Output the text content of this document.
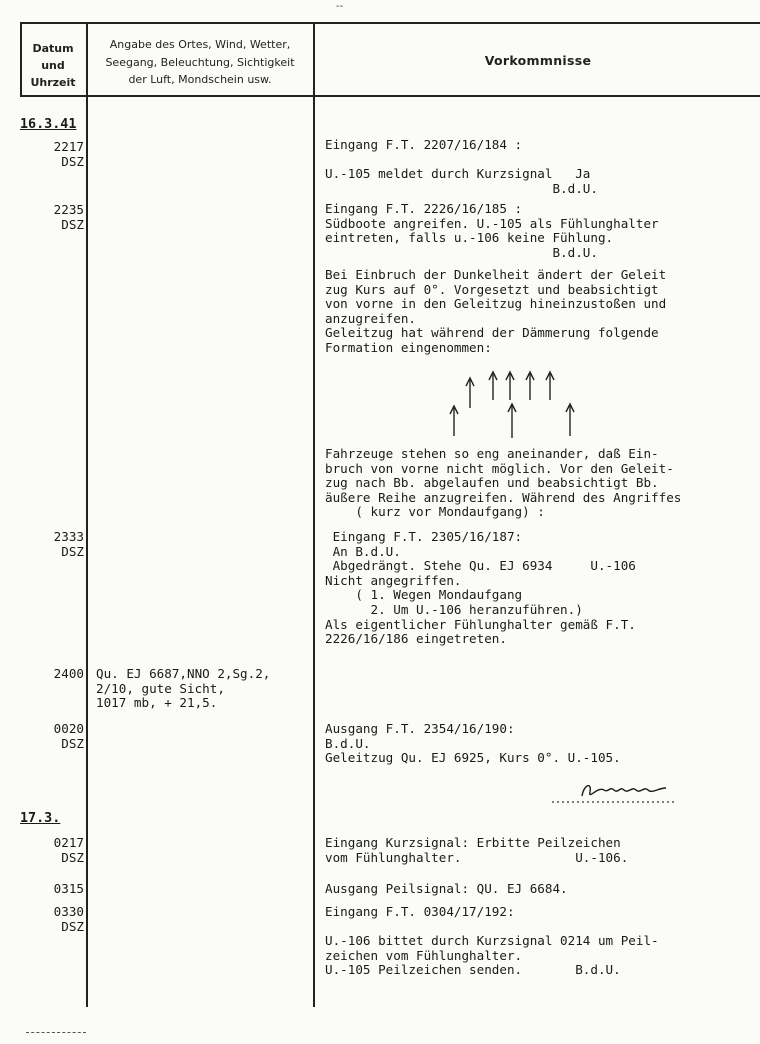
--
Datum
und
Uhrzeit
Angabe des Ortes, Wind, Wetter,
Seegang, Beleuchtung, Sichtigkeit
der Luft, Mondschein usw.
Vorkommnisse
16.3.41
17.3.
2217
DSZ
2235
DSZ
2333
DSZ
2400
0020
DSZ
0217
DSZ
0315
0330
DSZ
Qu. EJ 6687,NNO 2,Sg.2,
2/10, gute Sicht,
1017 mb, + 21,5.
Eingang F.T. 2207/16/184 :

U.-105 meldet durch Kurzsignal   Ja
B.d.U.
Eingang F.T. 2226/16/185 :
Südboote angreifen. U.-105 als Fühlunghalter
eintreten, falls u.-106 keine Fühlung.
B.d.U.
Bei Einbruch der Dunkelheit ändert der Geleit
zug Kurs auf 0°. Vorgesetzt und beabsichtigt
von vorne in den Geleitzug hineinzustoßen und
anzugreifen.
Geleitzug hat während der Dämmerung folgende
Formation eingenommen:
Fahrzeuge stehen so eng aneinander, daß Ein-
bruch von vorne nicht möglich. Vor den Geleit-
zug nach Bb. abgelaufen und beabsichtigt Bb.
äußere Reihe anzugreifen. Während des Angriffes
( kurz vor Mondaufgang) :
Eingang F.T. 2305/16/187:
An B.d.U.
Abgedrängt. Stehe Qu. EJ 6934     U.-106
Nicht angegriffen.
( 1. Wegen Mondaufgang
2. Um U.-106 heranzuführen.)
Als eigentlicher Fühlunghalter gemäß F.T.
2226/16/186 eingetreten.
Ausgang F.T. 2354/16/190:
B.d.U.
Geleitzug Qu. EJ 6925, Kurs 0°. U.-105.
Eingang Kurzsignal: Erbitte Peilzeichen
vom Fühlunghalter.               U.-106.
Ausgang Peilsignal: QU. EJ 6684.
Eingang F.T. 0304/17/192:

U.-106 bittet durch Kurzsignal 0214 um Peil-
zeichen vom Fühlunghalter.
U.-105 Peilzeichen senden.       B.d.U.
